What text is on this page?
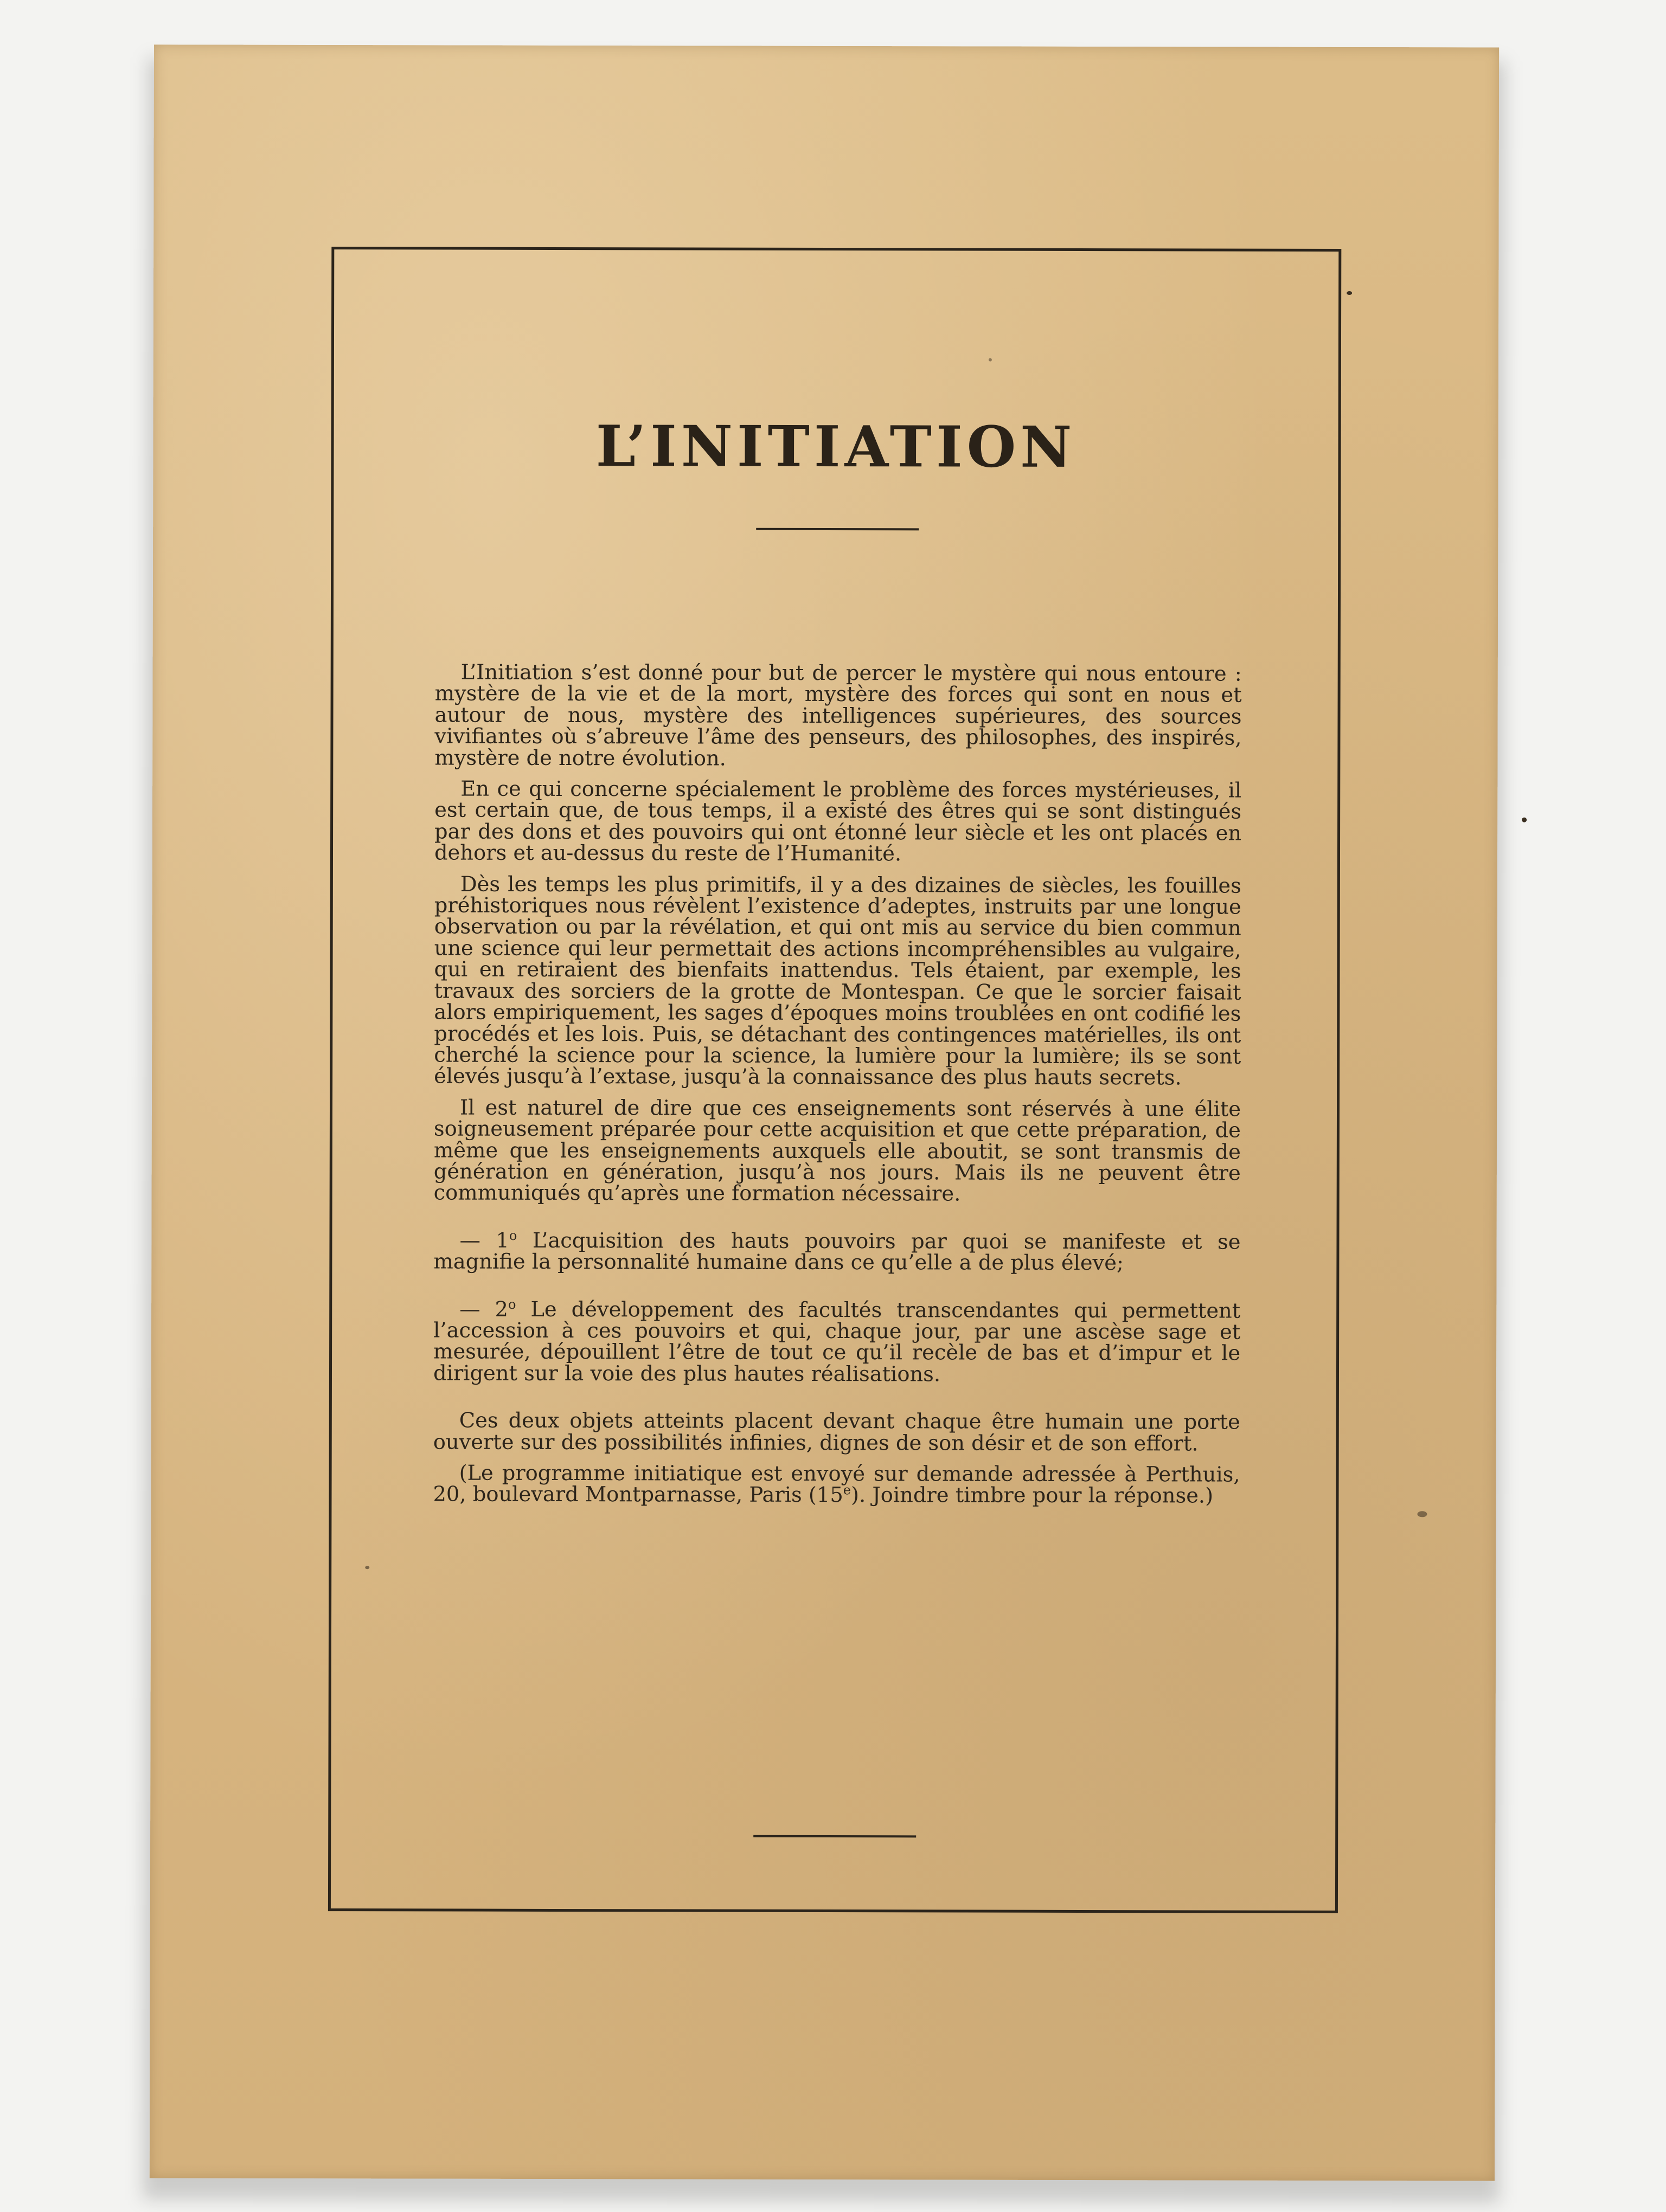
L’INITIATION

L’Initiation s’est donné pour but de percer le mystère qui nous entoure : mystère de la vie et de la mort, mystère des forces qui sont en nous et autour de nous, mystère des intelligences supérieures, des sources vivifiantes où s’abreuve l’âme des penseurs, des philosophes, des inspirés, mystère de notre évolution.

En ce qui concerne spécialement le problème des forces mystérieuses, il est certain que, de tous temps, il a existé des êtres qui se sont distingués par des dons et des pouvoirs qui ont étonné leur siècle et les ont placés en dehors et au-dessus du reste de l’Humanité.

Dès les temps les plus primitifs, il y a des dizaines de siècles, les fouilles préhistoriques nous révèlent l’existence d’adeptes, instruits par une longue observation ou par la révélation, et qui ont mis au service du bien commun une science qui leur permettait des actions incompréhensibles au vulgaire, qui en retiraient des bienfaits inattendus. Tels étaient, par exemple, les travaux des sorciers de la grotte de Montespan. Ce que le sorcier faisait alors empiriquement, les sages d’époques moins troublées en ont codifié les procédés et les lois. Puis, se détachant des contingences matérielles, ils ont cherché la science pour la science, la lumière pour la lumière; ils se sont élevés jusqu’à l’extase, jusqu’à la connaissance des plus hauts secrets.

Il est naturel de dire que ces enseignements sont réservés à une élite soigneusement préparée pour cette acquisition et que cette préparation, de même que les enseignements auxquels elle aboutit, se sont transmis de génération en génération, jusqu’à nos jours. Mais ils ne peuvent être communiqués qu’après une formation nécessaire.

— 1$^o$ L’acquisition des hauts pouvoirs par quoi se manifeste et se magnifie la personnalité humaine dans ce qu’elle a de plus élevé;

— 2$^o$ Le développement des facultés transcendantes qui permettent l’accession à ces pouvoirs et qui, chaque jour, par une ascèse sage et mesurée, dépouillent l’être de tout ce qu’il recèle de bas et d’impur et le dirigent sur la voie des plus hautes réalisations.

Ces deux objets atteints placent devant chaque être humain une porte ouverte sur des possibilités infinies, dignes de son désir et de son effort.

(Le programme initiatique est envoyé sur demande adressée à Perthuis, 20, boulevard Montparnasse, Paris (15e). Joindre timbre pour la réponse.)
